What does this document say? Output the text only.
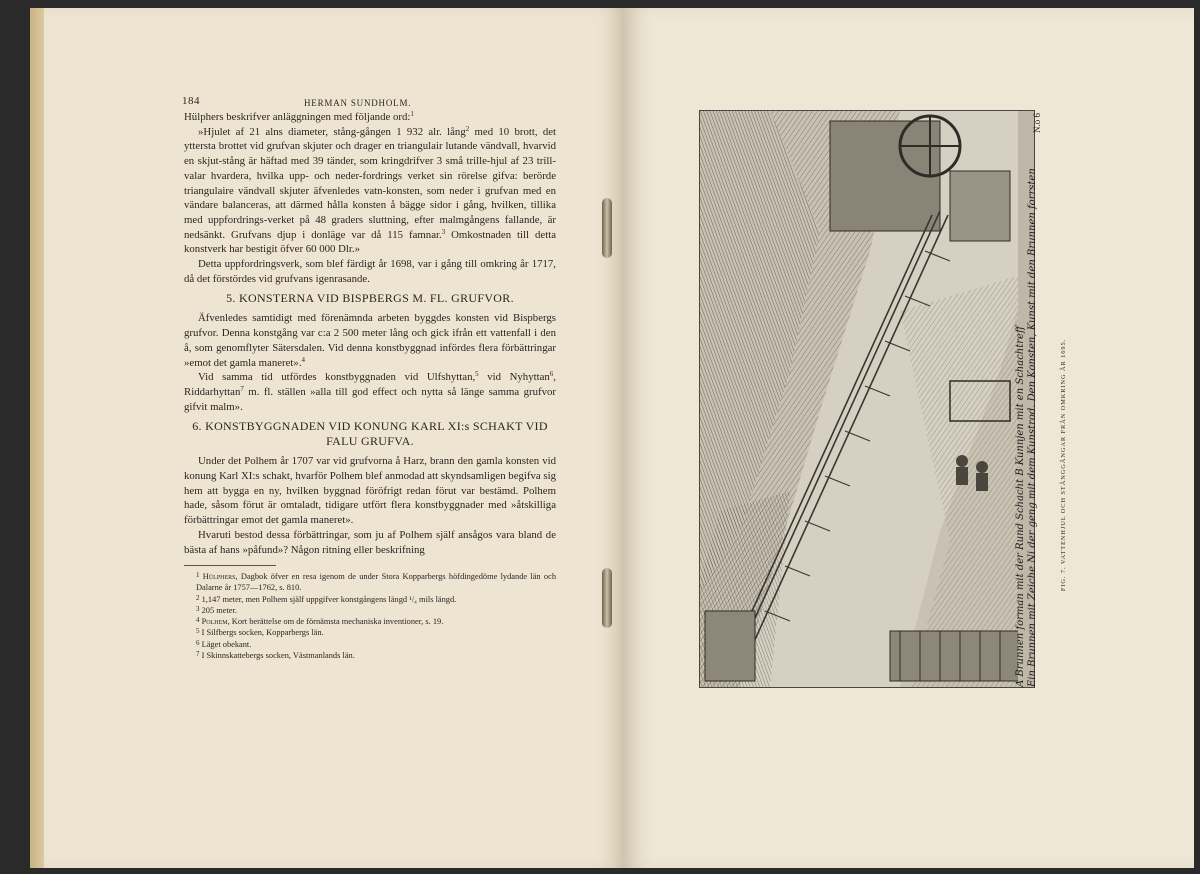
184	HERMAN SUNDHOLM.

Hülphers beskrifver anläggningen med följande ord:$^1$

»Hjulet af 21 alns diameter, stång-gången 1 932 alr. lång$^2$ med 10 brott, det yttersta brottet vid grufvan skjuter och drager en triangulair lutande vändvall, hvarvid en skjut-stång är häftad med 39 tänder, som kringdrifver 3 små trille-hjul af 23 trill-valar hvardera, hvilka upp- och neder-fordrings verket sin rörelse gifva: berörde triangulaire vändvall skjuter äfvenledes vatn-konsten, som neder i grufvan med en vändare balanceras, att därmed hålla konsten å bägge sidor i gång, hvilken, tillika med uppfordrings-verket på 48 graders sluttning, efter malmgångens fallande, är nedsänkt. Grufvans djup i donläge var då 115 famnar.$^3$ Omkostnaden till detta konstverk har bestigit öfver 60 000 Dlr.»

Detta uppfordringsverk, som blef färdigt år 1698, var i gång till omkring år 1717, då det förstördes vid grufvans igenrasande.

5. KONSTERNA VID BISPBERGS M. FL. GRUFVOR.

Äfvenledes samtidigt med förenämnda arbeten byggdes konsten vid Bispbergs grufvor. Denna konstgång var c:a 2 500 meter lång och gick ifrån ett vattenfall i den å, som genomflyter Sätersdalen. Vid denna konstbyggnad infördes flera förbättringar »emot det gamla maneret».$^4$

Vid samma tid utfördes konstbyggnaden vid Ulfshyttan,$^5$ vid Nyhyttan$^6$, Riddarhyttan$^7$ m. fl. ställen »alla till god effect och nytta så länge samma grufvor gifvit malm».

6. KONSTBYGGNADEN VID KONUNG KARL XI:s SCHAKT VID FALU GRUFVA.

Under det Polhem år 1707 var vid grufvorna å Harz, brann den gamla konsten vid konung Karl XI:s schakt, hvarför Polhem blef anmodad att skyndsamligen begifva sig hem att bygga en ny, hvilken byggnad föröfrigt redan förut var bestämd. Polhem hade, såsom förut är omtaladt, tidigare utfört flera konstbyggnader med »åtskilliga förbättringar emot det gamla maneret».

Hvaruti bestod dessa förbättringar, som ju af Polhem själf ansågos vara bland de bästa af hans »påfund»? Någon ritning eller beskrifning

$^1$ Hülphers, Dagbok öfver en resa igenom de under Stora Kopparbergs höfdingedöme lydande län och Dalarne år 1757—1762, s. 810.

$^2$ 1,147 meter, men Polhem själf uppgifver konstgångens längd ¹/₄ mils längd.

$^3$ 205 meter.

$^4$ Polhem, Kort berättelse om de förnämsta mechaniska inventioner, s. 19.

$^5$ I Silfbergs socken, Kopparbergs län.

$^6$ Läget obekant.

$^7$ I Skinnskattebergs socken, Västmanlands län.	A Brunnen forman mit der Rund Schacht B Kunnjen mit en Schachtreff Ein Brunnen mit Zeiche Ni der geng mit dem Kunstrod. Den Konsten, Kunst mit den Brunnen forrsten
N.o 6
FIG. 7. VATTENHJUL OCH STÅNGGÅNGAR FRÅN OMKRING ÅR 1695.
